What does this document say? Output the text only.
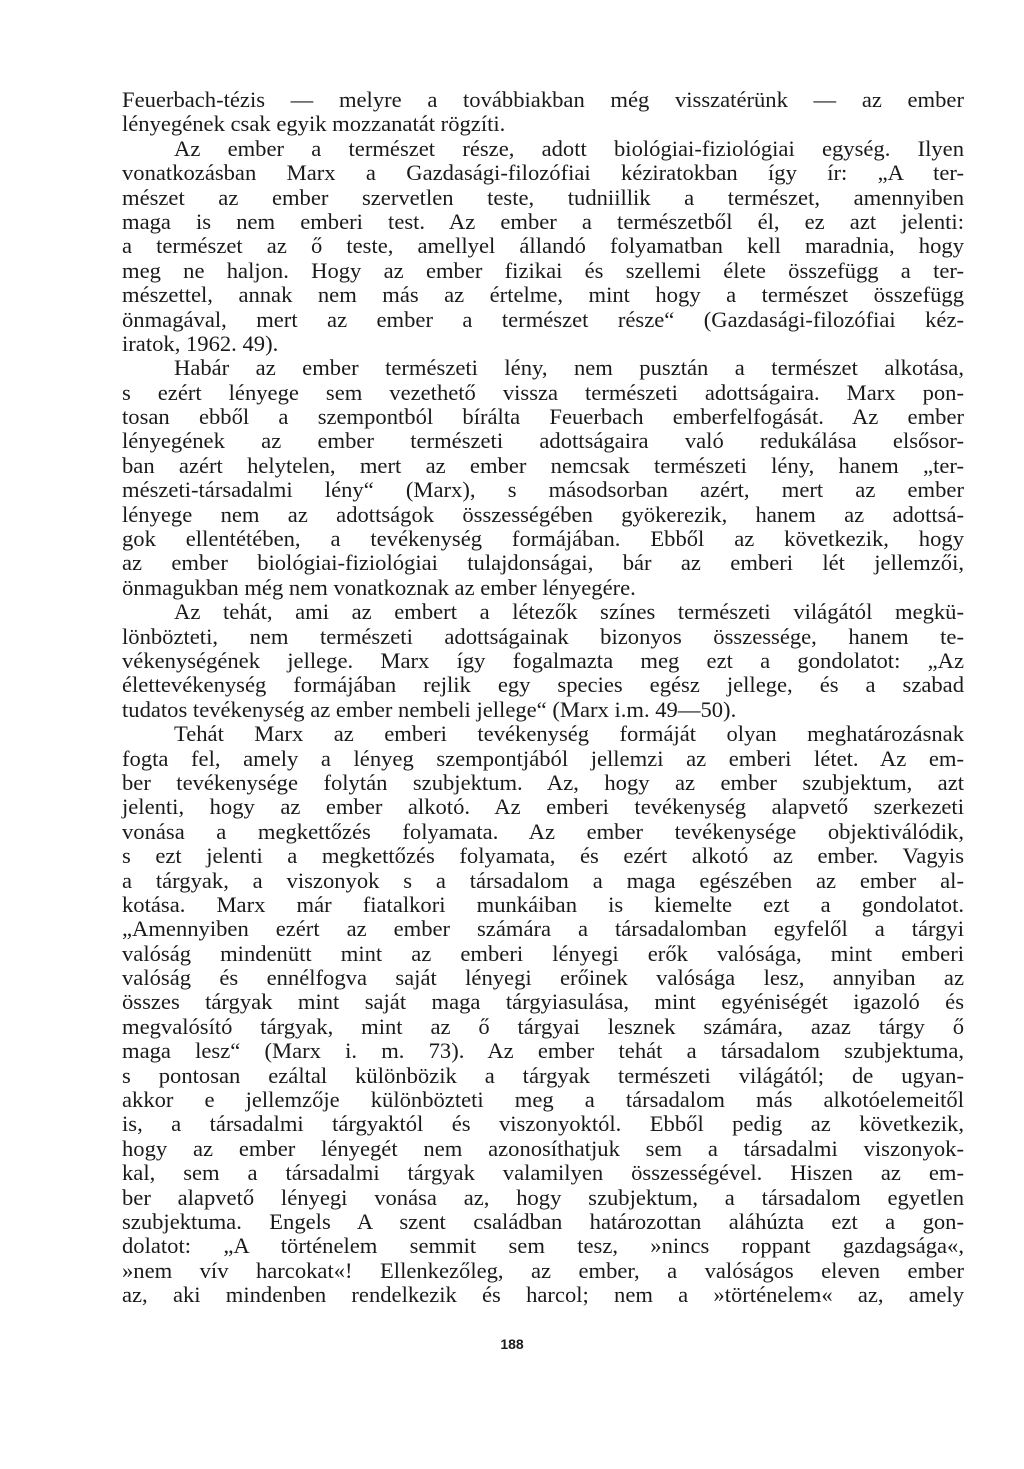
Feuerbach-tézis — melyre a továbbiakban még visszatérünk — az ember
lényegének csak egyik mozzanatát rögzíti.
Az ember a természet része, adott biológiai-fiziológiai egység. Ilyen
vonatkozásban Marx a Gazdasági-filozófiai kéziratokban így ír: „A ter-
mészet az ember szervetlen teste, tudniillik a természet, amennyiben
maga is nem emberi test. Az ember a természetből él, ez azt jelenti:
a természet az ő teste, amellyel állandó folyamatban kell maradnia, hogy
meg ne haljon. Hogy az ember fizikai és szellemi élete összefügg a ter-
mészettel, annak nem más az értelme, mint hogy a természet összefügg
önmagával, mert az ember a természet része“ (Gazdasági-filozófiai kéz-
iratok, 1962. 49).
Habár az ember természeti lény, nem pusztán a természet alkotása,
s ezért lényege sem vezethető vissza természeti adottságaira. Marx pon-
tosan ebből a szempontból bírálta Feuerbach emberfelfogását. Az ember
lényegének az ember természeti adottságaira való redukálása elsősor-
ban azért helytelen, mert az ember nemcsak természeti lény, hanem „ter-
mészeti-társadalmi lény“ (Marx), s másodsorban azért, mert az ember
lényege nem az adottságok összességében gyökerezik, hanem az adottsá-
gok ellentétében, a tevékenység formájában. Ebből az következik, hogy
az ember biológiai-fiziológiai tulajdonságai, bár az emberi lét jellemzői,
önmagukban még nem vonatkoznak az ember lényegére.
Az tehát, ami az embert a létezők színes természeti világától megkü-
lönbözteti, nem természeti adottságainak bizonyos összessége, hanem te-
vékenységének jellege. Marx így fogalmazta meg ezt a gondolatot: „Az
élettevékenység formájában rejlik egy species egész jellege, és a szabad
tudatos tevékenység az ember nembeli jellege“ (Marx i.m. 49—50).
Tehát Marx az emberi tevékenység formáját olyan meghatározásnak
fogta fel, amely a lényeg szempontjából jellemzi az emberi létet. Az em-
ber tevékenysége folytán szubjektum. Az, hogy az ember szubjektum, azt
jelenti, hogy az ember alkotó. Az emberi tevékenység alapvető szerkezeti
vonása a megkettőzés folyamata. Az ember tevékenysége objektiválódik,
s ezt jelenti a megkettőzés folyamata, és ezért alkotó az ember. Vagyis
a tárgyak, a viszonyok s a társadalom a maga egészében az ember al-
kotása. Marx már fiatalkori munkáiban is kiemelte ezt a gondolatot.
„Amennyiben ezért az ember számára a társadalomban egyfelől a tárgyi
valóság mindenütt mint az emberi lényegi erők valósága, mint emberi
valóság és ennélfogva saját lényegi erőinek valósága lesz, annyiban az
összes tárgyak mint saját maga tárgyiasulása, mint egyéniségét igazoló és
megvalósító tárgyak, mint az ő tárgyai lesznek számára, azaz tárgy ő
maga lesz“ (Marx i. m. 73). Az ember tehát a társadalom szubjektuma,
s pontosan ezáltal különbözik a tárgyak természeti világától; de ugyan-
akkor e jellemzője különbözteti meg a társadalom más alkotóelemeitől
is, a társadalmi tárgyaktól és viszonyoktól. Ebből pedig az következik,
hogy az ember lényegét nem azonosíthatjuk sem a társadalmi viszonyok-
kal, sem a társadalmi tárgyak valamilyen összességével. Hiszen az em-
ber alapvető lényegi vonása az, hogy szubjektum, a társadalom egyetlen
szubjektuma. Engels A szent családban határozottan aláhúzta ezt a gon-
dolatot: „A történelem semmit sem tesz, »nincs roppant gazdagsága«,
»nem vív harcokat«! Ellenkezőleg, az ember, a valóságos eleven ember
az, aki mindenben rendelkezik és harcol; nem a »történelem« az, amely
188
